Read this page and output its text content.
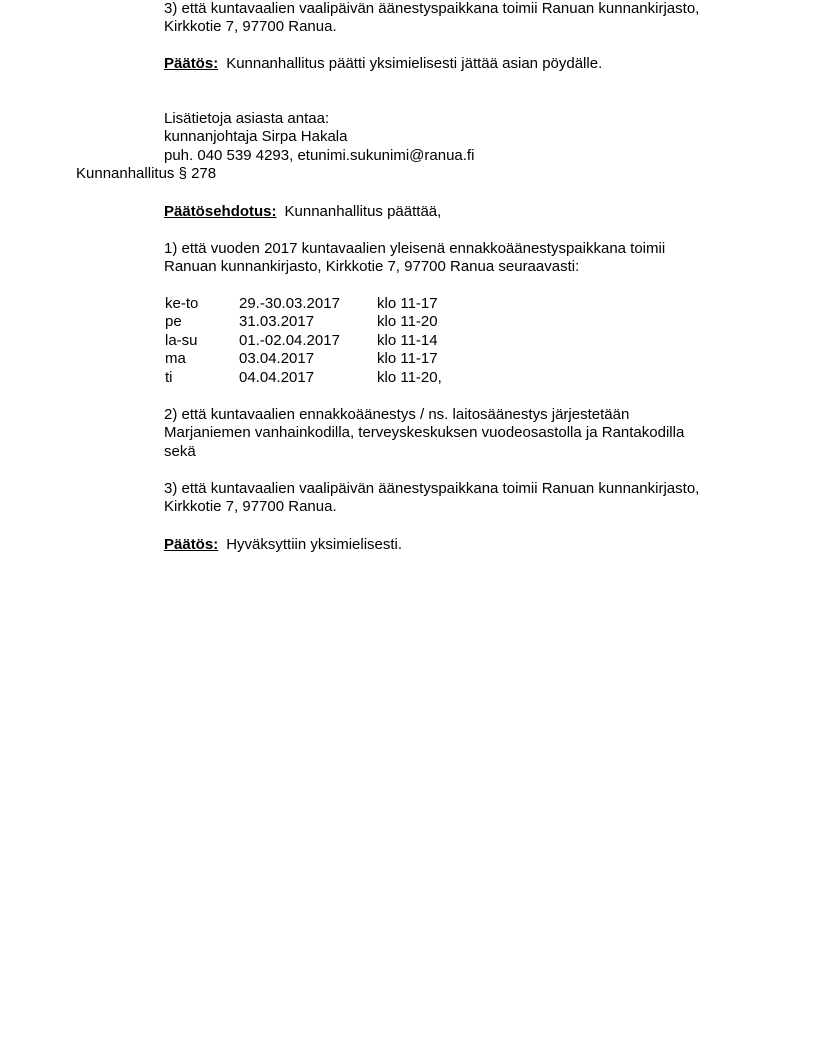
3) että kuntavaalien vaalipäivän äänestyspaikkana toimii Ranuan kunnankirjasto,
Kirkkotie 7, 97700 Ranua.
Päätös: Kunnanhallitus päätti yksimielisesti jättää asian pöydälle.
Lisätietoja asiasta antaa:
kunnanjohtaja Sirpa Hakala
puh. 040 539 4293, etunimi.sukunimi@ranua.fi
Kunnanhallitus § 278
Päätösehdotus: Kunnanhallitus päättää,
1) että vuoden 2017 kuntavaalien yleisenä ennakkoäänestyspaikkana toimii
Ranuan kunnankirjasto, Kirkkotie 7, 97700 Ranua seuraavasti:
ke-to	29.-30.03.2017 klo 11-17
pe	31.03.2017	klo 11-20
la-su	01.-02.04.2017 klo 11-14
ma	03.04.2017	klo 11-17
ti	04.04.2017	klo 11-20,
2) että kuntavaalien ennakkoäänestys / ns. laitosäänestys järjestetään
Marjaniemen vanhainkodilla, terveyskeskuksen vuodeosastolla ja Rantakodilla
sekä
3) että kuntavaalien vaalipäivän äänestyspaikkana toimii Ranuan kunnankirjasto,
Kirkkotie 7, 97700 Ranua.
Päätös: Hyväksyttiin yksimielisesti.
